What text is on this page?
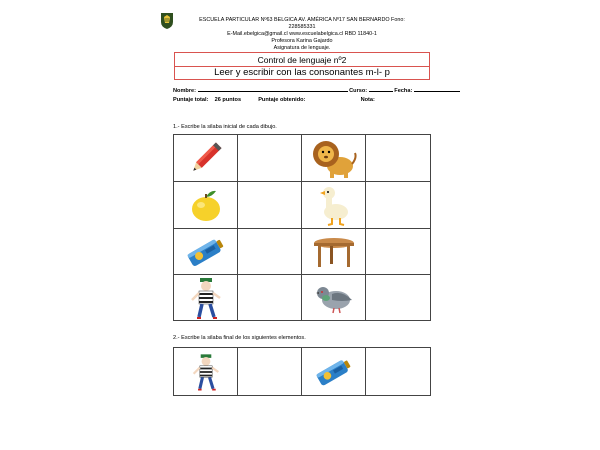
ESCUELA PARTICULAR Nº63 BELGICA AV. AMÉRICA Nº17 SAN BERNARDO Fono: 228585331
E-Mail.ebelgica@gmail.cl www.escuelabelgica.cl RBD 11840-1
Profesora Karina Gajardo
Asignatura de lenguaje.
Control de lenguaje nº2
Leer y escribir con las consonantes m-l- p
Nombre:	Curso:	Fecha:
Puntaje total: 26 puntos	Puntaje obtenido:	Nota:
1.- Escribe la silaba inicial de cada dibujo.

2.- Escribe la silaba final de los siguientes elementos.
